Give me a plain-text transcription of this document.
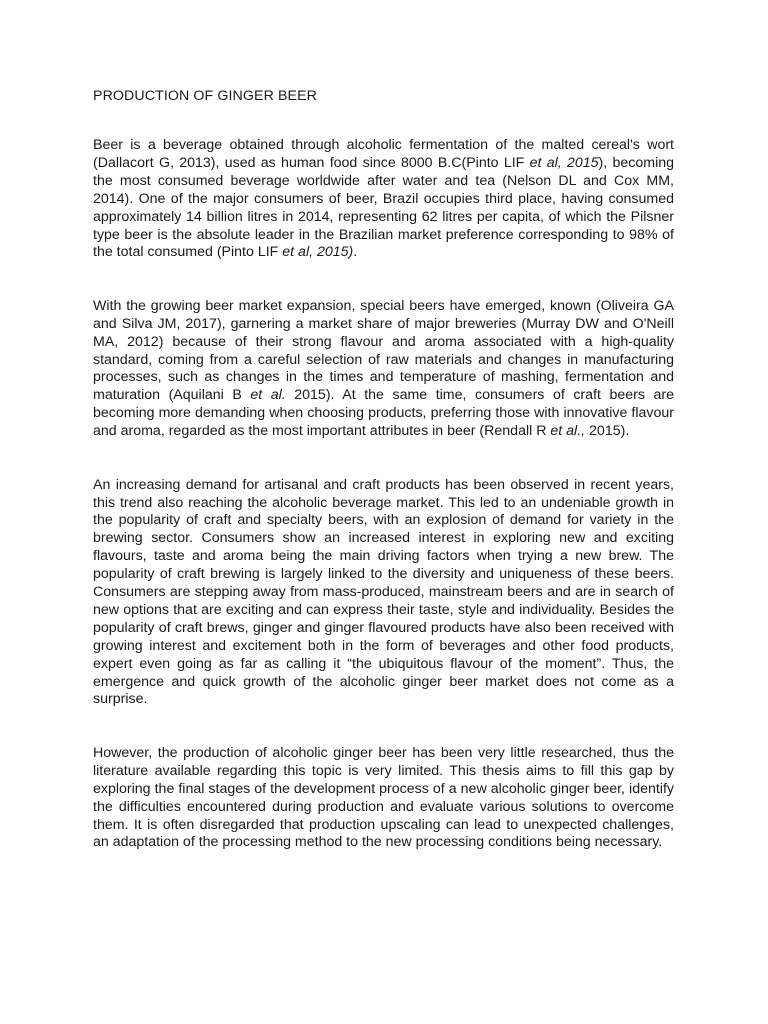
PRODUCTION OF GINGER BEER

Beer is a beverage obtained through alcoholic fermentation of the malted cereal's wort (Dallacort G, 2013), used as human food since 8000 B.C(Pinto LIF et al, 2015), becoming the most consumed beverage worldwide after water and tea (Nelson DL and Cox MM, 2014). One of the major consumers of beer, Brazil occupies third place, having consumed approximately 14 billion litres in 2014, representing 62 litres per capita, of which the Pilsner type beer is the absolute leader in the Brazilian market preference corresponding to 98% of the total consumed (Pinto LIF et al, 2015).

With the growing beer market expansion, special beers have emerged, known (Oliveira GA and Silva JM, 2017), garnering a market share of major breweries (Murray DW and O'Neill MA, 2012) because of their strong flavour and aroma associated with a high-quality standard, coming from a careful selection of raw materials and changes in manufacturing processes, such as changes in the times and temperature of mashing, fermentation and maturation (Aquilani B et al. 2015). At the same time, consumers of craft beers are becoming more demanding when choosing products, preferring those with innovative flavour and aroma, regarded as the most important attributes in beer (Rendall R et al., 2015).

An increasing demand for artisanal and craft products has been observed in recent years, this trend also reaching the alcoholic beverage market. This led to an undeniable growth in the popularity of craft and specialty beers, with an explosion of demand for variety in the brewing sector. Consumers show an increased interest in exploring new and exciting flavours, taste and aroma being the main driving factors when trying a new brew. The popularity of craft brewing is largely linked to the diversity and uniqueness of these beers. Consumers are stepping away from mass-produced, mainstream beers and are in search of new options that are exciting and can express their taste, style and individuality. Besides the popularity of craft brews, ginger and ginger flavoured products have also been received with growing interest and excitement both in the form of beverages and other food products, expert even going as far as calling it “the ubiquitous flavour of the moment”. Thus, the emergence and quick growth of the alcoholic ginger beer market does not come as a surprise.

However, the production of alcoholic ginger beer has been very little researched, thus the literature available regarding this topic is very limited. This thesis aims to fill this gap by exploring the final stages of the development process of a new alcoholic ginger beer, identify the difficulties encountered during production and evaluate various solutions to overcome them. It is often disregarded that production upscaling can lead to unexpected challenges, an adaptation of the processing method to the new processing conditions being necessary.
